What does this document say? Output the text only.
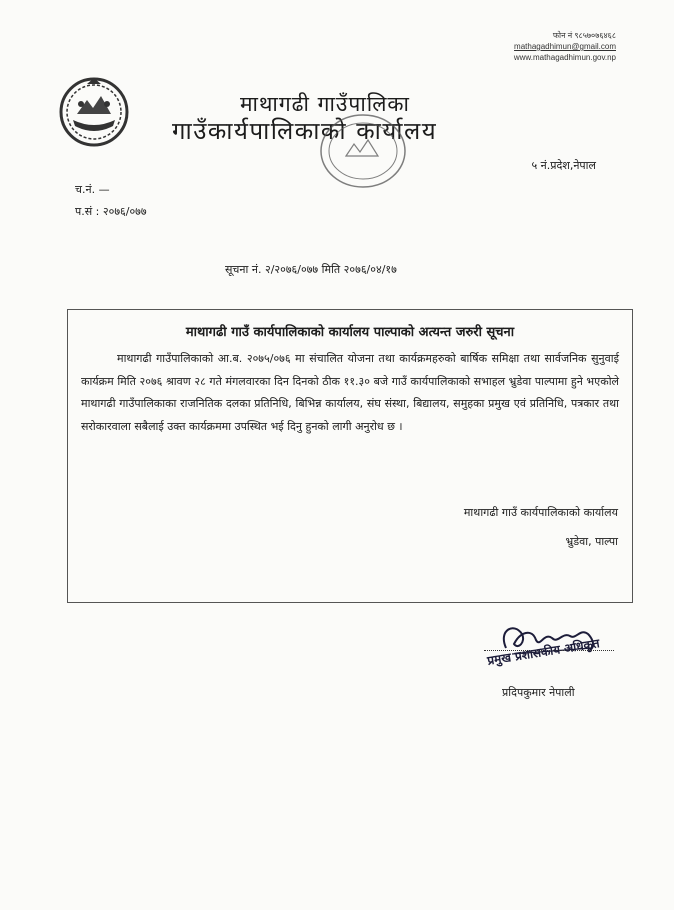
फोन नं ९८५७०७६४६८
mathagadhimun@gmail.com
www.mathagadhimun.gov.np
माथागढी गाउँपालिका
गाउँकार्यपालिकाको कार्यालय
५ नं.प्रदेश,नेपाल
च.नं. —
प.सं : २०७६/०७७
सूचना नं. २/२०७६/०७७ मिति २०७६/०४/१७
माथागढी गाउँ कार्यपालिकाको कार्यालय पाल्पाको अत्यन्त जरुरी सूचना

माथागढी गाउँपालिकाको आ.ब. २०७५/०७६ मा संचालित योजना तथा कार्यक्रमहरुको बार्षिक समिक्षा तथा सार्वजनिक सुनुवाई कार्यक्रम मिति २०७६ श्रावण २८ गते मंगलवारका दिन दिनको ठीक ११.३० बजे गाउँ कार्यपालिकाको सभाहल भ्रुडेवा पाल्पामा हुने भएकोले माथागढी गाउँपालिकाका राजनितिक दलका प्रतिनिधि, बिभिन्न कार्यालय, संघ संस्था, बिद्यालय, समुहका प्रमुख एवं प्रतिनिधि, पत्रकार तथा सरोकारवाला सबैलाई उक्त कार्यक्रममा उपस्थित भई दिनु हुनको लागी अनुरोध छ ।

माथागढी गाउँ कार्यपालिकाको कार्यालय
भ्रुडेवा, पाल्पा
प्रमुख प्रशासकीय अधिकृत
प्रदिपकुमार नेपाली
